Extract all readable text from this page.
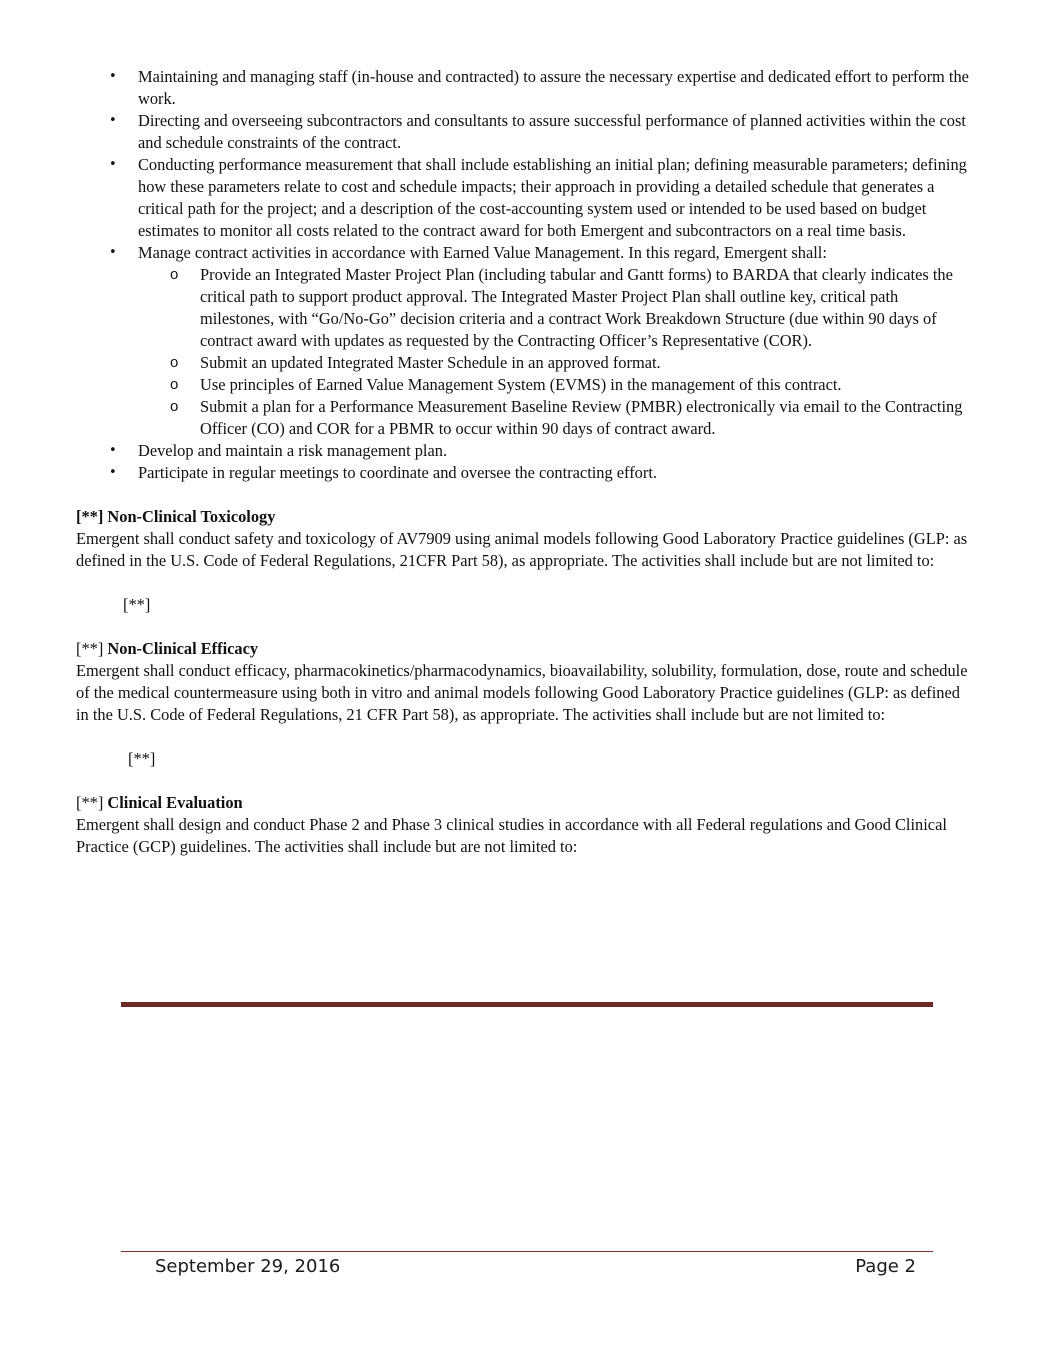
• Maintaining and managing staff (in-house and contracted) to assure the necessary expertise and dedicated effort to perform the work.
• Directing and overseeing subcontractors and consultants to assure successful performance of planned activities within the cost and schedule constraints of the contract.
• Conducting performance measurement that shall include establishing an initial plan; defining measurable parameters; defining how these parameters relate to cost and schedule impacts; their approach in providing a detailed schedule that generates a critical path for the project; and a description of the cost-accounting system used or intended to be used based on budget estimates to monitor all costs related to the contract award for both Emergent and subcontractors on a real time basis.
• Manage contract activities in accordance with Earned Value Management. In this regard, Emergent shall:
o Provide an Integrated Master Project Plan (including tabular and Gantt forms) to BARDA that clearly indicates the critical path to support product approval. The Integrated Master Project Plan shall outline key, critical path milestones, with “Go/No-Go” decision criteria and a contract Work Breakdown Structure (due within 90 days of contract award with updates as requested by the Contracting Officer’s Representative (COR).
o Submit an updated Integrated Master Schedule in an approved format.
o Use principles of Earned Value Management System (EVMS) in the management of this contract.
o Submit a plan for a Performance Measurement Baseline Review (PMBR) electronically via email to the Contracting Officer (CO) and COR for a PBMR to occur within 90 days of contract award.
• Develop and maintain a risk management plan.
• Participate in regular meetings to coordinate and oversee the contracting effort.
[**] Non-Clinical Toxicology

Emergent shall conduct safety and toxicology of AV7909 using animal models following Good Laboratory Practice guidelines (GLP: as defined in the U.S. Code of Federal Regulations, 21CFR Part 58), as appropriate. The activities shall include but are not limited to:

[**]

[**] Non-Clinical Efficacy

Emergent shall conduct efficacy, pharmacokinetics/pharmacodynamics, bioavailability, solubility, formulation, dose, route and schedule of the medical countermeasure using both in vitro and animal models following Good Laboratory Practice guidelines (GLP: as defined in the U.S. Code of Federal Regulations, 21 CFR Part 58), as appropriate. The activities shall include but are not limited to:

[**]

[**] Clinical Evaluation

Emergent shall design and conduct Phase 2 and Phase 3 clinical studies in accordance with all Federal regulations and Good Clinical Practice (GCP) guidelines. The activities shall include but are not limited to:

September 29, 2016	Page 2
